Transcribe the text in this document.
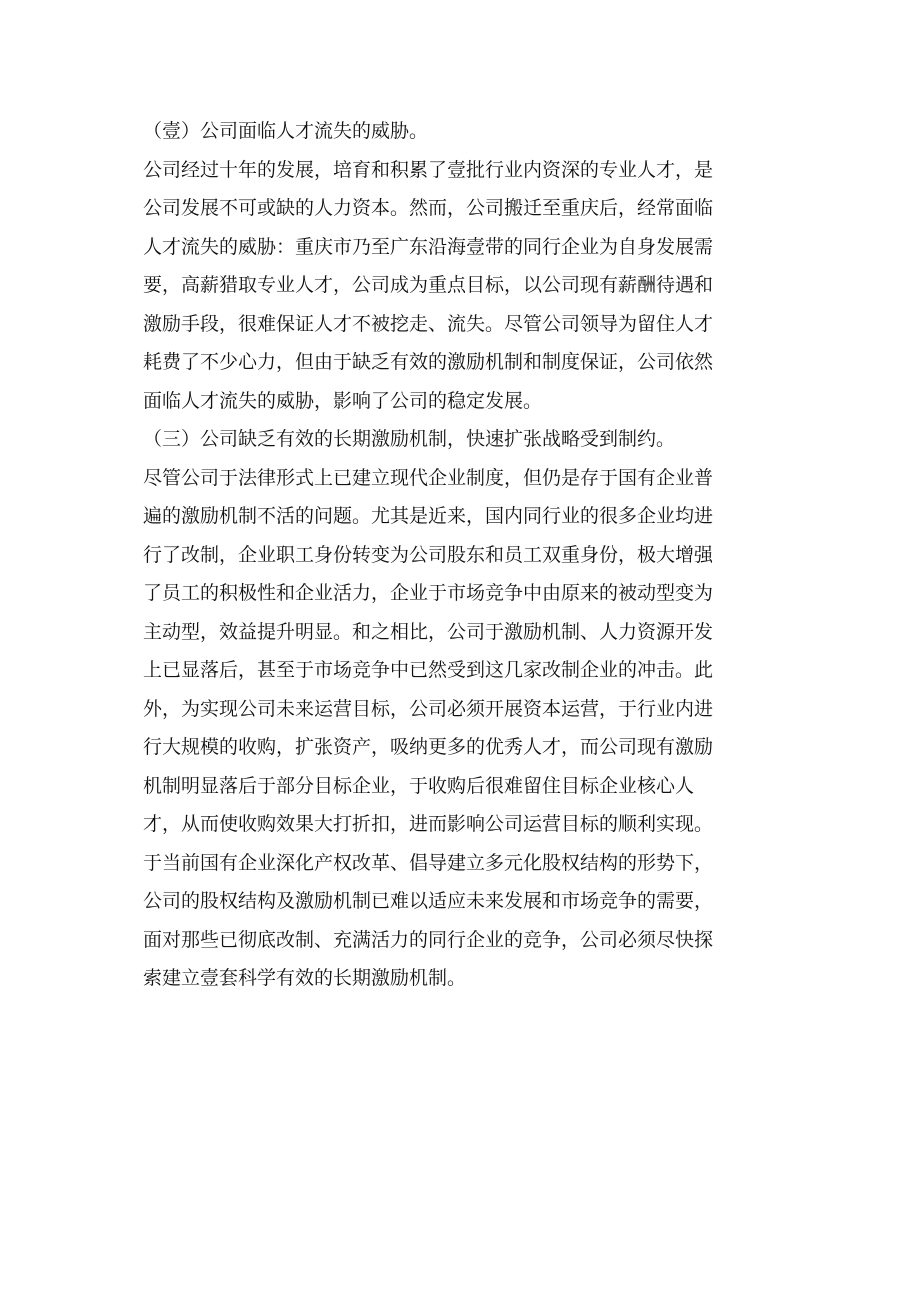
（壹）公司面临人才流失的威胁。
公司经过十年的发展，培育和积累了壹批行业内资深的专业人才，是
公司发展不可或缺的人力资本。然而，公司搬迁至重庆后，经常面临
人才流失的威胁：重庆市乃至广东沿海壹带的同行企业为自身发展需
要，高薪猎取专业人才，公司成为重点目标，以公司现有薪酬待遇和
激励手段，很难保证人才不被挖走、流失。尽管公司领导为留住人才
耗费了不少心力，但由于缺乏有效的激励机制和制度保证，公司依然
面临人才流失的威胁，影响了公司的稳定发展。
（三）公司缺乏有效的长期激励机制，快速扩张战略受到制约。
尽管公司于法律形式上已建立现代企业制度，但仍是存于国有企业普
遍的激励机制不活的问题。尤其是近来，国内同行业的很多企业均进
行了改制，企业职工身份转变为公司股东和员工双重身份，极大增强
了员工的积极性和企业活力，企业于市场竞争中由原来的被动型变为
主动型，效益提升明显。和之相比，公司于激励机制、人力资源开发
上已显落后，甚至于市场竞争中已然受到这几家改制企业的冲击。此
外，为实现公司未来运营目标，公司必须开展资本运营，于行业内进
行大规模的收购，扩张资产，吸纳更多的优秀人才，而公司现有激励
机制明显落后于部分目标企业，于收购后很难留住目标企业核心人
才，从而使收购效果大打折扣，进而影响公司运营目标的顺利实现。
于当前国有企业深化产权改革、倡导建立多元化股权结构的形势下，
公司的股权结构及激励机制已难以适应未来发展和市场竞争的需要，
面对那些已彻底改制、充满活力的同行企业的竞争，公司必须尽快探
索建立壹套科学有效的长期激励机制。
